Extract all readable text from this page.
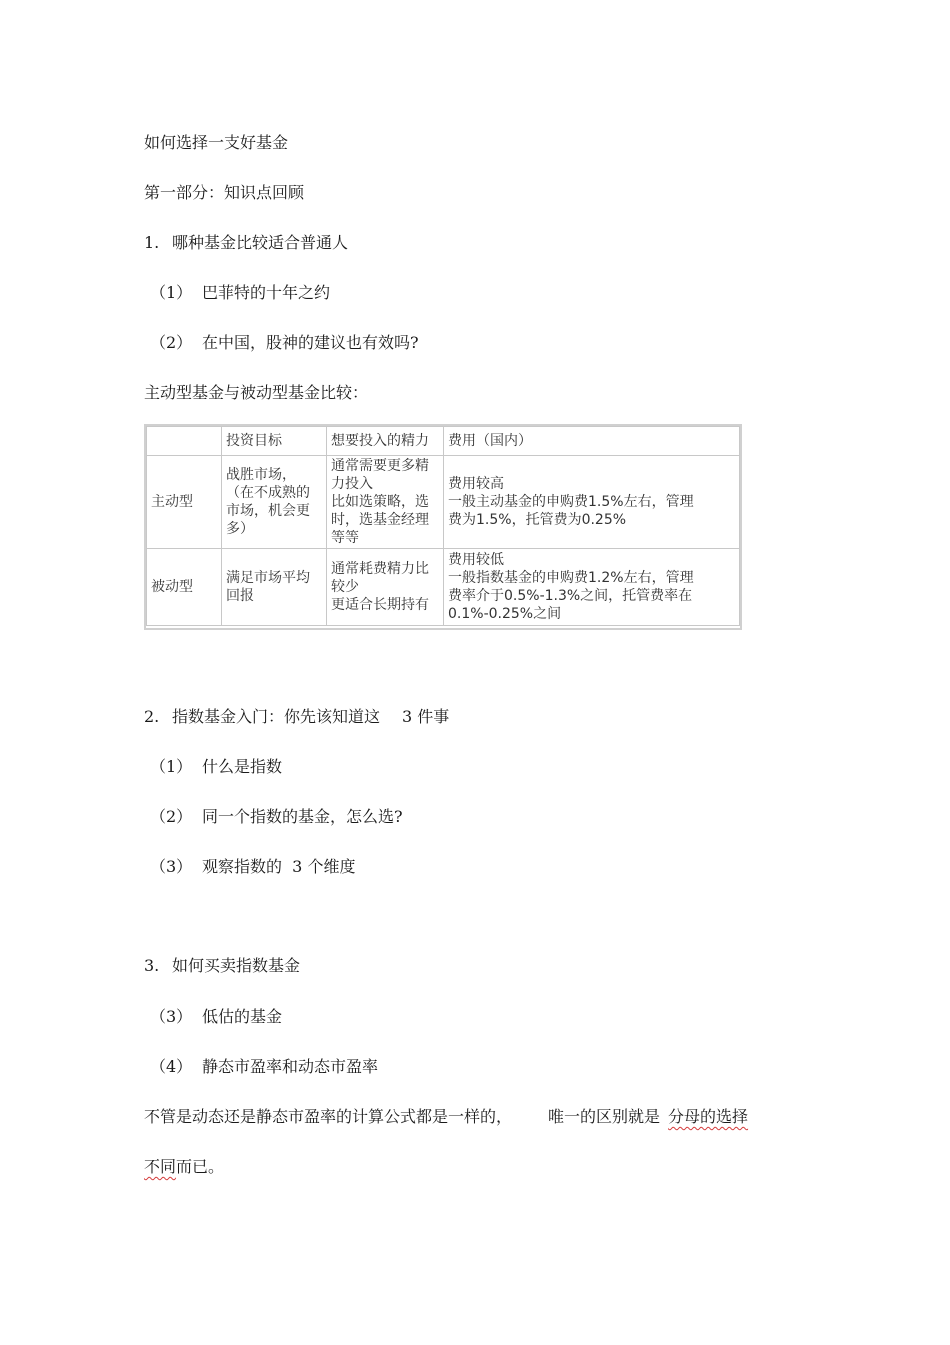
如何选择一支好基金
第一部分：知识点回顾
1. 哪种基金比较适合普通人
（1） 巴菲特的十年之约
（2） 在中国，股神的建议也有效吗?
主动型基金与被动型基金比较：
	投资目标	想要投入的精力	费用（国内）
主动型	战胜市场，
（在不成熟的
市场，机会更
多）	通常需要更多精
力投入
比如选策略，选
时，选基金经理
等等	费用较高
一般主动基金的申购费1.5%左右，管理
费为1.5%，托管费为0.25%
被动型	满足市场平均
回报	通常耗费精力比
较少
更适合长期持有	费用较低
一般指数基金的申购费1.2%左右，管理
费率介于0.5%-1.3%之间，托管费率在
0.1%-0.25%之间
2. 指数基金入门：你先该知道这 3 件事
（1） 什么是指数
（2） 同一个指数的基金，怎么选?
（3） 观察指数的  3 个维度
3. 如何买卖指数基金
（3） 低估的基金
（4） 静态市盈率和动态市盈率
不管是动态还是静态市盈率的计算公式都是一样的， 唯一的区别就是 分母的选择
不同而已。
